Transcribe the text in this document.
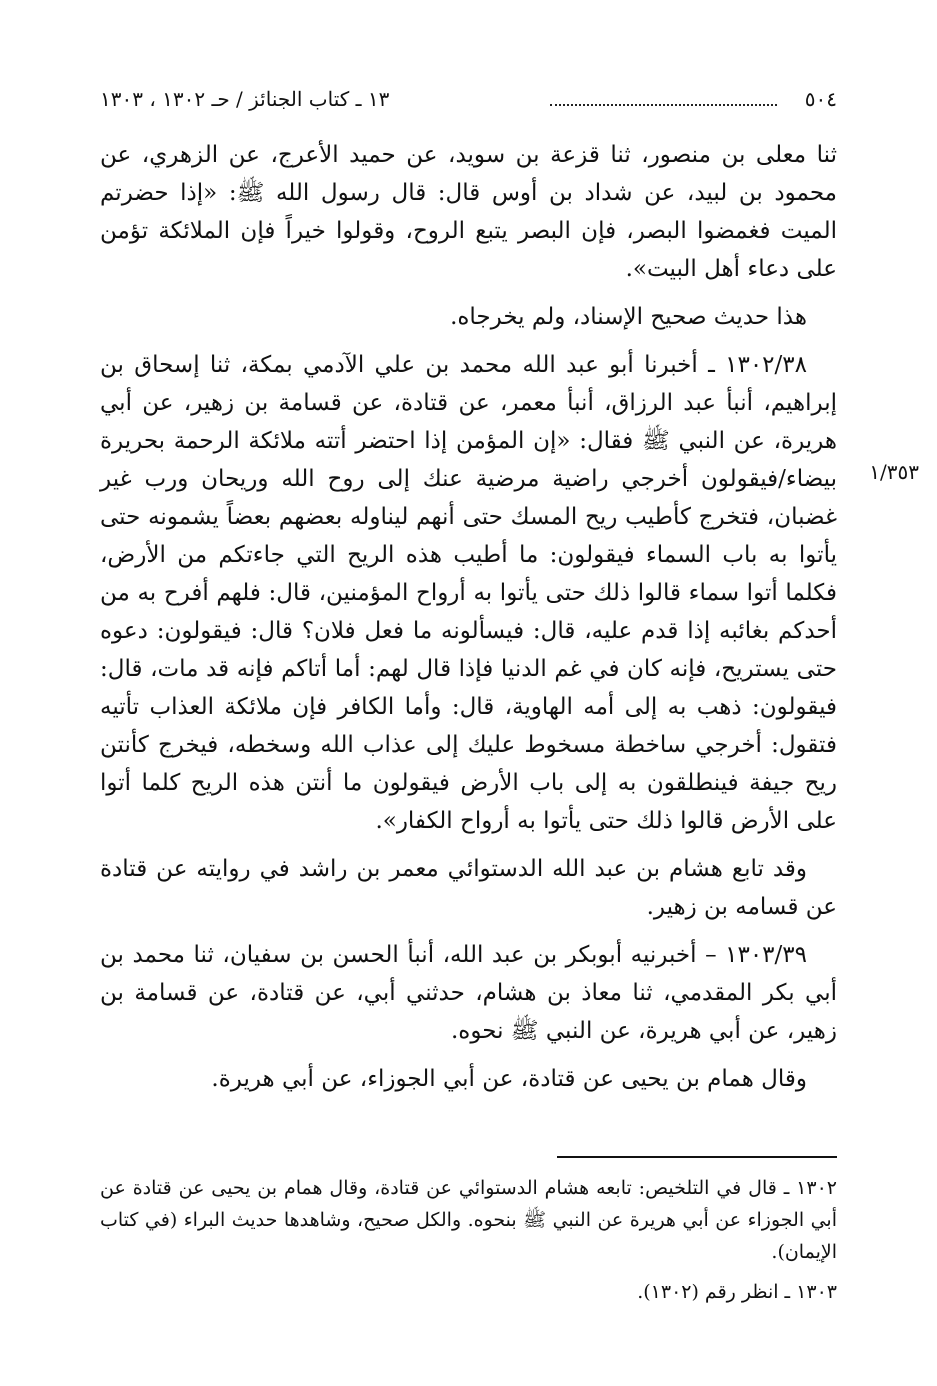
٥٠٤
١٣ ـ كتاب الجنائز / حـ ١٣٠٢ ، ١٣٠٣
١/٣٥٣

ثنا معلى بن منصور، ثنا قزعة بن سويد، عن حميد الأعرج، عن الزهري، عن محمود بن لبيد، عن شداد بن أوس قال: قال رسول الله ﷺ: «إذا حضرتم الميت فغمضوا البصر، فإن البصر يتبع الروح، وقولوا خيراً فإن الملائكة تؤمن على دعاء أهل البيت».

هذا حديث صحيح الإسناد، ولم يخرجاه.

١٣٠٢/٣٨ ـ أخبرنا أبو عبد الله محمد بن علي الآدمي بمكة، ثنا إسحاق بن إبراهيم، أنبأ عبد الرزاق، أنبأ معمر، عن قتادة، عن قسامة بن زهير، عن أبي هريرة، عن النبي ﷺ فقال: «إن المؤمن إذا احتضر أتته ملائكة الرحمة بحريرة بيضاء/فيقولون أخرجي راضية مرضية عنك إلى روح الله وريحان ورب غير غضبان، فتخرج كأطيب ريح المسك حتى أنهم ليناوله بعضهم بعضاً يشمونه حتى يأتوا به باب السماء فيقولون: ما أطيب هذه الريح التي جاءتكم من الأرض، فكلما أتوا سماء قالوا ذلك حتى يأتوا به أرواح المؤمنين، قال: فلهم أفرح به من أحدكم بغائبه إذا قدم عليه، قال: فيسألونه ما فعل فلان؟ قال: فيقولون: دعوه حتى يستريح، فإنه كان في غم الدنيا فإذا قال لهم: أما أتاكم فإنه قد مات، قال: فيقولون: ذهب به إلى أمه الهاوية، قال: وأما الكافر فإن ملائكة العذاب تأتيه فتقول: أخرجي ساخطة مسخوط عليك إلى عذاب الله وسخطه، فيخرج كأنتن ريح جيفة فينطلقون به إلى باب الأرض فيقولون ما أنتن هذه الريح كلما أتوا على الأرض قالوا ذلك حتى يأتوا به أرواح الكفار».

وقد تابع هشام بن عبد الله الدستوائي معمر بن راشد في روايته عن قتادة عن قسامه بن زهير.

١٣٠٣/٣٩ – أخبرنيه أبوبكر بن عبد الله، أنبأ الحسن بن سفيان، ثنا محمد بن أبي بكر المقدمي، ثنا معاذ بن هشام، حدثني أبي، عن قتادة، عن قسامة بن زهير، عن أبي هريرة، عن النبي ﷺ نحوه.

وقال همام بن يحيى عن قتادة، عن أبي الجوزاء، عن أبي هريرة.

١٣٠٢ ـ قال في التلخيص: تابعه هشام الدستوائي عن قتادة، وقال همام بن يحيى عن قتادة عن أبي الجوزاء عن أبي هريرة عن النبي ﷺ بنحوه. والكل صحيح، وشاهدها حديث البراء (في كتاب الإيمان).

١٣٠٣ ـ انظر رقم (١٣٠٢).
